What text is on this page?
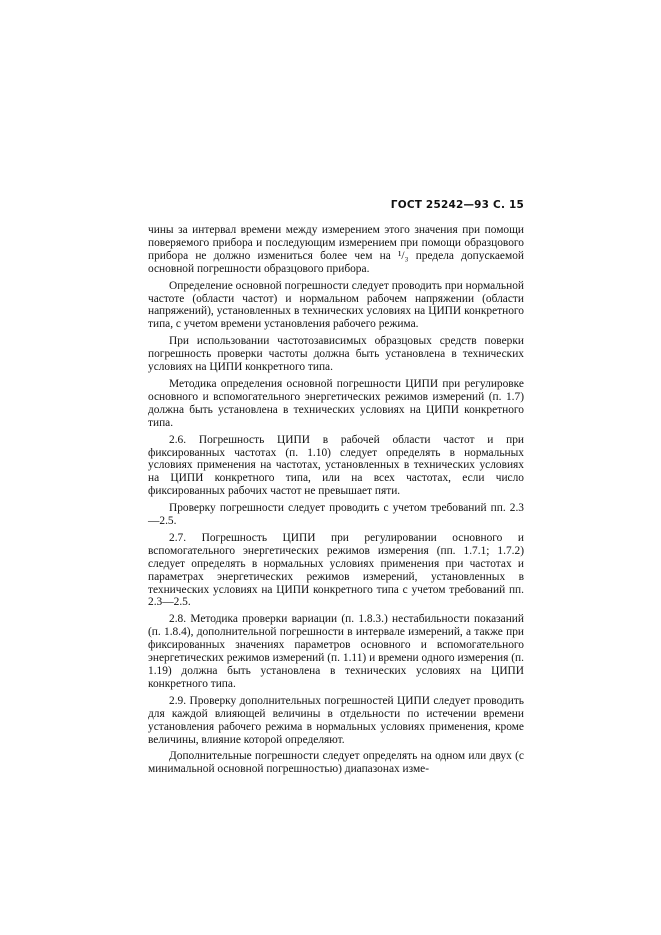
ГОСТ 25242—93 С. 15

чины за интервал времени между измерением этого значения при помощи поверяемого прибора и последующим измерением при помощи образцового прибора не должно измениться более чем на ¹/₃ предела допускаемой основной погрешности образцового прибора.

Определение основной погрешности следует проводить при нормальной частоте (области частот) и нормальном рабочем напряжении (области напряжений), установленных в технических условиях на ЦИПИ конкретного типа, с учетом времени установления рабочего режима.

При использовании частотозависимых образцовых средств поверки погрешность проверки частоты должна быть установлена в технических условиях на ЦИПИ конкретного типа.

Методика определения основной погрешности ЦИПИ при регулировке основного и вспомогательного энергетических режимов измерений (п. 1.7) должна быть установлена в технических условиях на ЦИПИ конкретного типа.

2.6. Погрешность ЦИПИ в рабочей области частот и при фиксированных частотах (п. 1.10) следует определять в нормальных условиях применения на частотах, установленных в технических условиях на ЦИПИ конкретного типа, или на всех частотах, если число фиксированных рабочих частот не превышает пяти.

Проверку погрешности следует проводить с учетом требований пп. 2.3—2.5.

2.7. Погрешность ЦИПИ при регулировании основного и вспомогательного энергетических режимов измерения (пп. 1.7.1; 1.7.2) следует определять в нормальных условиях применения при частотах и параметрах энергетических режимов измерений, установленных в технических условиях на ЦИПИ конкретного типа с учетом требований пп. 2.3—2.5.

2.8. Методика проверки вариации (п. 1.8.3.) нестабильности показаний (п. 1.8.4), дополнительной погрешности в интервале измерений, а также при фиксированных значениях параметров основного и вспомогательного энергетических режимов измерений (п. 1.11) и времени одного измерения (п. 1.19) должна быть установлена в технических условиях на ЦИПИ конкретного типа.

2.9. Проверку дополнительных погрешностей ЦИПИ следует проводить для каждой влияющей величины в отдельности по истечении времени установления рабочего режима в нормальных условиях применения, кроме величины, влияние которой определяют.

Дополнительные погрешности следует определять на одном или двух (с минимальной основной погрешностью) диапазонах изме-
